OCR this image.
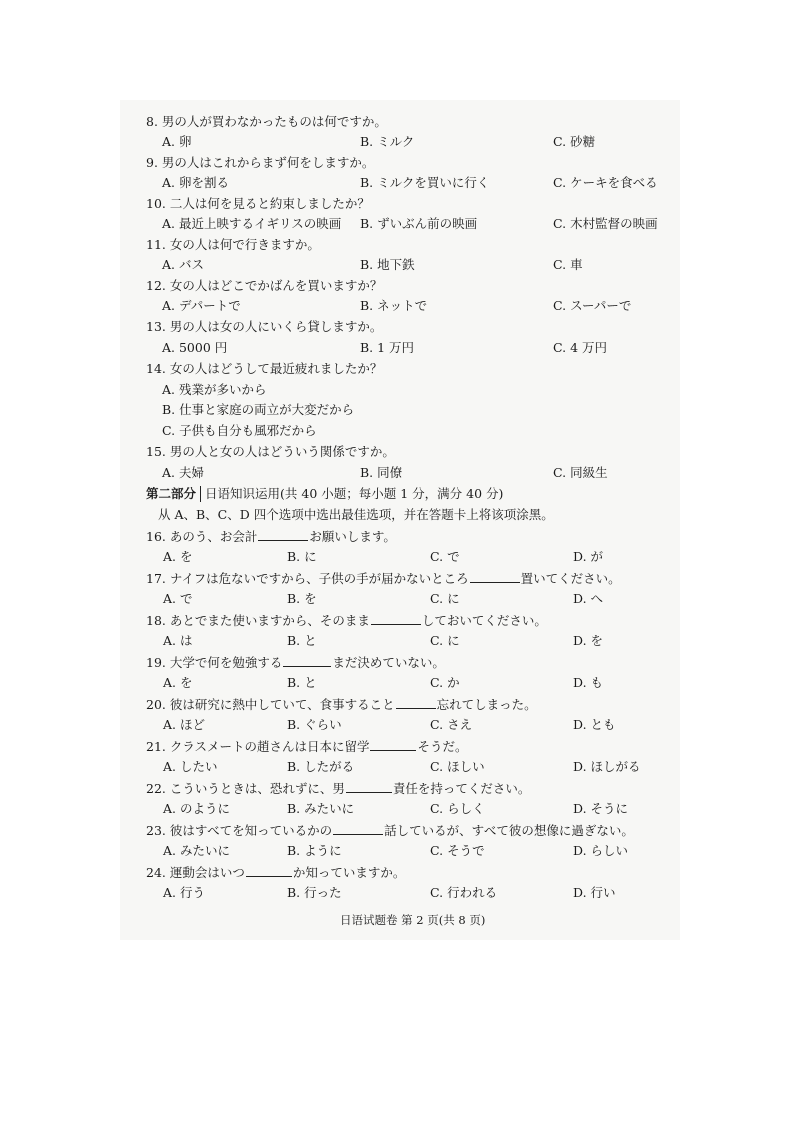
8. 男の人が買わなかったものは何ですか。
A. 卵	B. ミルク	C. 砂糖
9. 男の人はこれからまず何をしますか。
A. 卵を割る	B. ミルクを買いに行く	C. ケーキを食べる
10. 二人は何を見ると約束しましたか？
A. 最近上映するイギリスの映画 B. ずいぶん前の映画	C. 木村監督の映画
11. 女の人は何で行きますか。
A. バス	B. 地下鉄	C. 車
12. 女の人はどこでかばんを買いますか？
A. デパートで	B. ネットで	C. スーパーで
13. 男の人は女の人にいくら貸しますか。
A. 5000 円	B. 1 万円	C. 4 万円
14. 女の人はどうして最近疲れましたか？
A. 残業が多いから
B. 仕事と家庭の両立が大変だから
C. 子供も自分も風邪だから
15. 男の人と女の人はどういう関係ですか。
A. 夫婦	B. 同僚	C. 同級生
第二部分 日语知识运用(共 40 小题；每小题 1 分，满分 40 分)
从 A、B、C、D 四个选项中选出最佳选项，并在答题卡上将该项涂黑。
16. あのう、お会計	お願いします。
A. を	B. に	C. で	D. が
17. ナイフは危ないですから、子供の手が届かないところ	置いてください。
A. で	B. を	C. に	D. へ
18. あとでまた使いますから、そのまま	しておいてください。
A. は	B. と	C. に	D. を
19. 大学で何を勉強する	まだ決めていない。
A. を	B. と	C. か	D. も
20. 彼は研究に熱中していて、食事すること	忘れてしまった。
A. ほど	B. ぐらい	C. さえ	D. とも
21. クラスメートの趙さんは日本に留学	そうだ。
A. したい	B. したがる	C. ほしい	D. ほしがる
22. こういうときは、恐れずに、男	責任を持ってください。
A. のように	B. みたいに	C. らしく	D. そうに
23. 彼はすべてを知っているかの	話しているが、すべて彼の想像に過ぎない。
A. みたいに	B. ように	C. そうで	D. らしい
24. 運動会はいつ	か知っていますか。
A. 行う	B. 行った	C. 行われる	D. 行い
日语试题卷 第 2 页(共 8 页)
